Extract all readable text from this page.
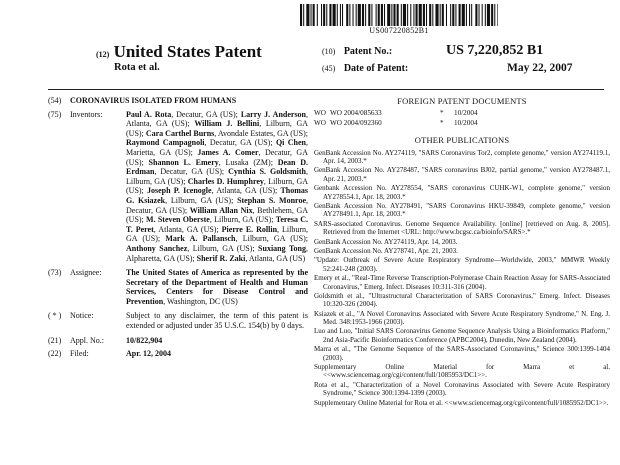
US007220852B1
(12) United States Patent
Rota et al.
(10) Patent No.:	US 7,220,852 B1
(45) Date of Patent:	May 22, 2007
(54)	CORONAVIRUS ISOLATED FROM HUMANS
(75)	Inventors:	Paul A. Rota, Decatur, GA (US); Larry J. Anderson, Atlanta, GA (US); William J. Bellini, Lilburn, GA (US); Cara Carthel Burns, Avondale Estates, GA (US); Raymond Campagnoli, Decatur, GA (US); Qi Chen, Marietta, GA (US); James A. Comer, Decatur, GA (US); Shannon L. Emery, Lusaka (ZM); Dean D. Erdman, Decatur, GA (US); Cynthia S. Goldsmith, Lilburn, GA (US); Charles D. Humphrey, Lilburn, GA (US); Joseph P. Icenogle, Atlanta, GA (US); Thomas G. Ksiazek, Lilburn, GA (US); Stephan S. Monroe, Decatur, GA (US); William Allan Nix, Bethlehem, GA (US); M. Steven Oberste, Lilburn, GA (US); Teresa C. T. Peret, Atlanta, GA (US); Pierre E. Rollin, Lilburn, GA (US); Mark A. Pallansch, Lilburn, GA (US); Anthony Sanchez, Lilburn, GA (US); Suxiang Tong, Alpharetta, GA (US); Sherif R. Zaki, Atlanta, GA (US)
(73)	Assignee:	The United States of America as represented by the Secretary of the Department of Health and Human Services, Centers for Disease Control and Prevention, Washington, DC (US)
( * )	Notice:	Subject to any disclaimer, the term of this patent is extended or adjusted under 35 U.S.C. 154(b) by 0 days.
(21)	Appl. No.:	10/822,904
(22)	Filed:	Apr. 12, 2004
FOREIGN PATENT DOCUMENTS
WO WO 2004/085633	*	10/2004
WO WO 2004/092360	*	10/2004
OTHER PUBLICATIONS
GenBank Accession No. AY274119, "SARS Coronavirus Tor2, complete genome," version AY274119.1, Apr. 14, 2003.*
GenBank Accession No. AY278487, "SARS coronavirus BJ02, partial genome," version AY278487.1, Apr. 21, 2003.*
Genbank Accession No. AY278554, "SARS coronavirus CUHK-W1, complete genome," version AY278554.1, Apr. 18, 2003.*
GenBank Accession No. AY278491, "SARS Coronavirus HKU-39849, complete genome," version AY278491.1, Apr. 18, 2003.*
SARS-associated Coronavirus. Genome Sequence Availability. [online] [retrieved on Aug. 8, 2005]. Retrieved from the Internet <URL: http://www.bcgsc.ca/bioinfo/SARS>.*
GenBank Accession No. AY274119, Apr. 14, 2003.
GenBank Accession No. AY278741, Apr. 21, 2003.
"Update: Outbreak of Severe Acute Respiratory Syndrome—Worldwide, 2003," MMWR Weekly 52:241-248 (2003).
Emery et al., "Real-Time Reverse Transcription-Polymerase Chain Reaction Assay for SARS-Associated Coronavirus," Emerg. Infect. Diseases 10:311-316 (2004).
Goldsmith et al., "Ultrastructural Characterization of SARS Coronavirus," Emerg. Infect. Diseases 10:320-326 (2004).
Ksiazek et al., "A Novel Coronavirus Associated with Severe Acute Respiratory Syndrome," N. Eng. J. Med. 348:1953-1966 (2003).
Luo and Luo, "Initial SARS Coronavirus Genome Sequence Analysis Using a Bioinformatics Platform," 2nd Asia-Pacific Bioinformatics Conference (APBC2004), Dunedin, New Zealand (2004).
Marra et al., "The Genome Sequence of the SARS-Associated Coronavirus," Science 300:1399-1404 (2003).
Supplementary Online Material for Marra et al. <<www.sciencemag.org/cgi/content/full/1085953/DC1>>.
Rota et al., "Characterization of a Novel Coronavirus Associated with Severe Acute Respiratory Syndrome," Science 300:1394-1399 (2003).
Supplementary Online Material for Rota et al. <<www.sciencemag.org/cgi/content/full/1085952/DC1>>.
